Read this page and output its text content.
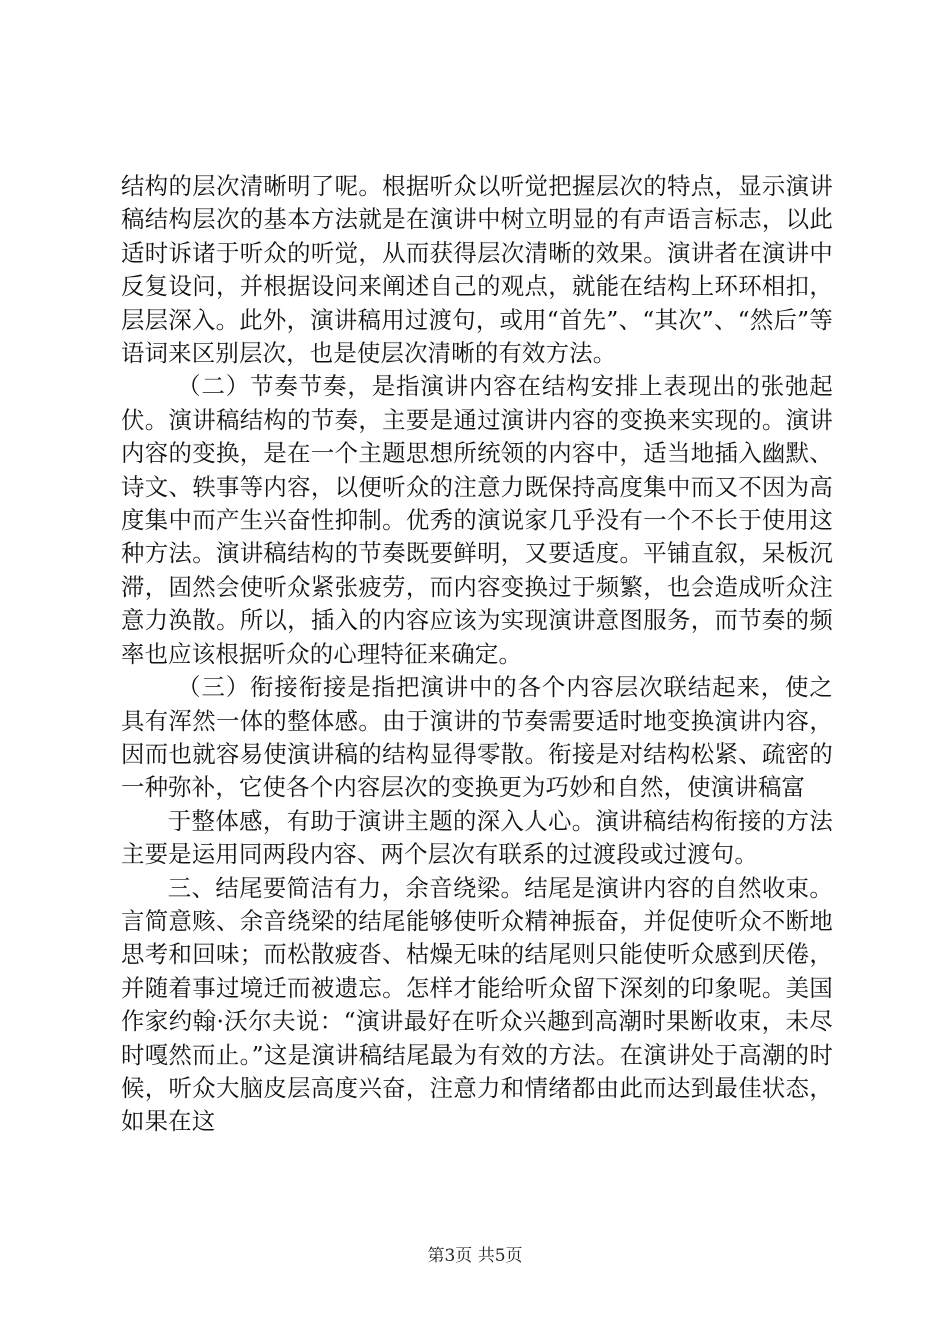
结构的层次清晰明了呢。根据听众以听觉把握层次的特点，显示演讲稿结构层次的基本方法就是在演讲中树立明显的有声语言标志，以此适时诉诸于听众的听觉，从而获得层次清晰的效果。演讲者在演讲中反复设问，并根据设问来阐述自己的观点，就能在结构上环环相扣，层层深入。此外，演讲稿用过渡句，或用“首先”、“其次”、“然后”等语词来区别层次，也是使层次清晰的有效方法。

（二）节奏节奏，是指演讲内容在结构安排上表现出的张弛起伏。演讲稿结构的节奏，主要是通过演讲内容的变换来实现的。演讲内容的变换，是在一个主题思想所统领的内容中，适当地插入幽默、诗文、轶事等内容，以便听众的注意力既保持高度集中而又不因为高度集中而产生兴奋性抑制。优秀的演说家几乎没有一个不长于使用这种方法。演讲稿结构的节奏既要鲜明，又要适度。平铺直叙，呆板沉滞，固然会使听众紧张疲劳，而内容变换过于频繁，也会造成听众注意力涣散。所以，插入的内容应该为实现演讲意图服务，而节奏的频率也应该根据听众的心理特征来确定。

（三）衔接衔接是指把演讲中的各个内容层次联结起来，使之具有浑然一体的整体感。由于演讲的节奏需要适时地变换演讲内容，因而也就容易使演讲稿的结构显得零散。衔接是对结构松紧、疏密的一种弥补，它使各个内容层次的变换更为巧妙和自然，使演讲稿富

于整体感，有助于演讲主题的深入人心。演讲稿结构衔接的方法主要是运用同两段内容、两个层次有联系的过渡段或过渡句。

三、结尾要简洁有力，余音绕梁。结尾是演讲内容的自然收束。言简意赅、余音绕梁的结尾能够使听众精神振奋，并促使听众不断地思考和回味；而松散疲沓、枯燥无味的结尾则只能使听众感到厌倦，并随着事过境迁而被遗忘。怎样才能给听众留下深刻的印象呢。美国作家约翰·沃尔夫说：“演讲最好在听众兴趣到高潮时果断收束，未尽时嘎然而止。”这是演讲稿结尾最为有效的方法。在演讲处于高潮的时候，听众大脑皮层高度兴奋，注意力和情绪都由此而达到最佳状态，如果在这

第3页 共5页
